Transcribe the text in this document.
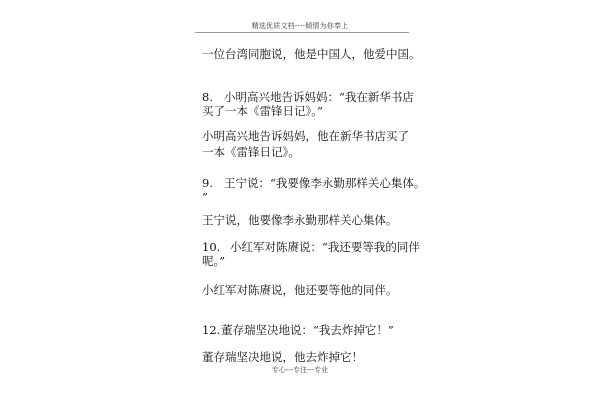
精选优质文档----倾情为你奉上
一位台湾同胞说，他是中国人，他爱中国。
8. 小明高兴地告诉妈妈：“我在新华书店
买了一本《雷锋日记》。”
小明高兴地告诉妈妈，他在新华书店买了
一本《雷锋日记》。
9. 王宁说：“我要像李永勤那样关心集体。
”
王宁说，他要像李永勤那样关心集体。
10. 小红军对陈赓说：“我还要等我的同伴
呢。”
小红军对陈赓说，他还要等他的同伴。
12.董存瑞坚决地说：“我去炸掉它！”
董存瑞坚决地说，他去炸掉它！
专心---专注---专业
